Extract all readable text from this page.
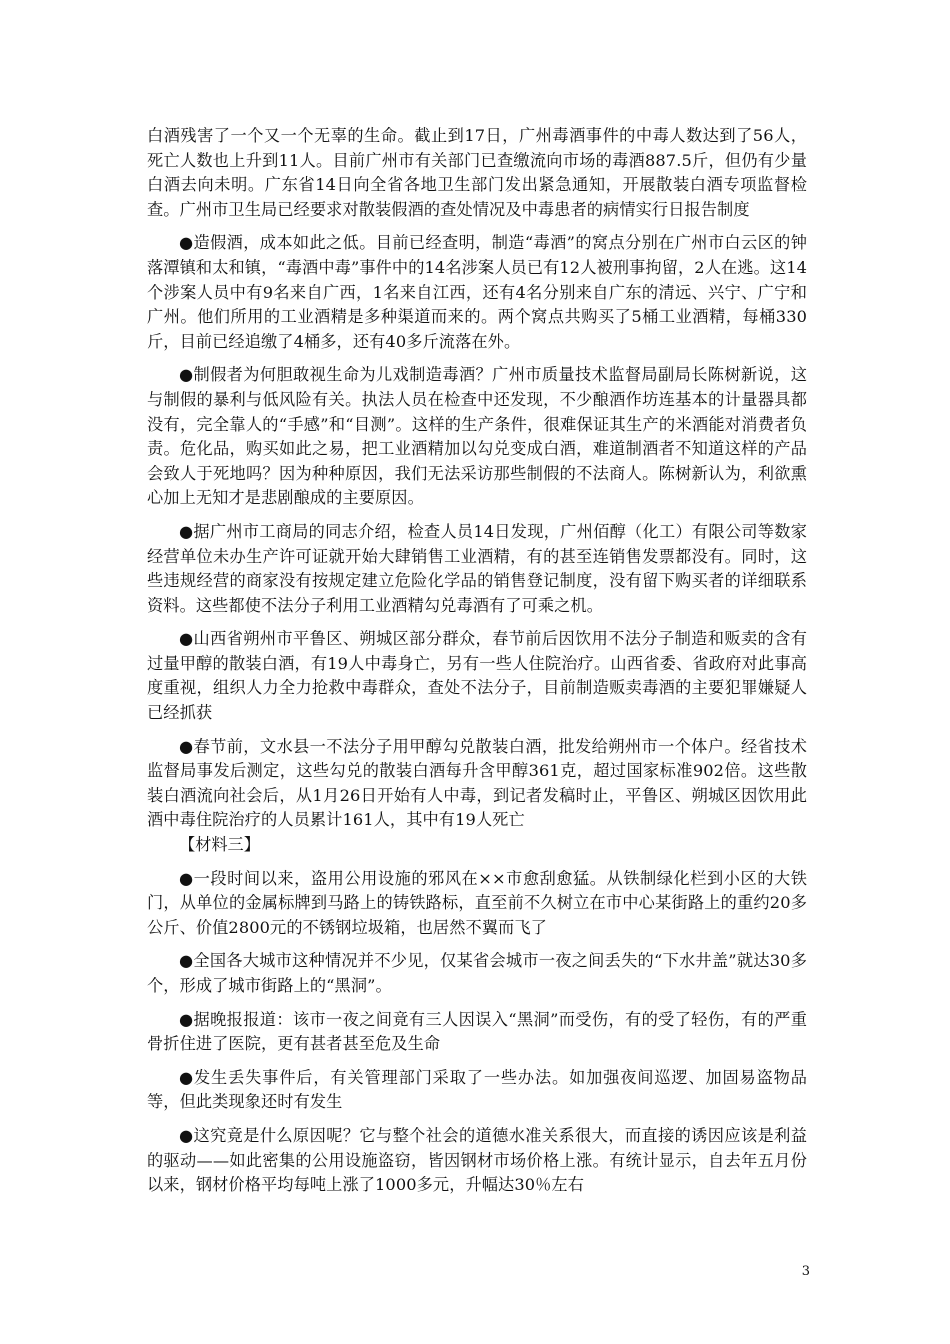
白酒残害了一个又一个无辜的生命。截止到17日，广州毒酒事件的中毒人数达到了56人，死亡人数也上升到11人。目前广州市有关部门已查缴流向市场的毒酒887.5斤，但仍有少量白酒去向未明。广东省14日向全省各地卫生部门发出紧急通知，开展散装白酒专项监督检查。广州市卫生局已经要求对散装假酒的查处情况及中毒患者的病情实行日报告制度

●造假酒，成本如此之低。目前已经查明，制造“毒酒”的窝点分别在广州市白云区的钟落潭镇和太和镇，“毒酒中毒”事件中的14名涉案人员已有12人被刑事拘留，2人在逃。这14个涉案人员中有9名来自广西，1名来自江西，还有4名分别来自广东的清远、兴宁、广宁和广州。他们所用的工业酒精是多种渠道而来的。两个窝点共购买了5桶工业酒精，每桶330斤，目前已经追缴了4桶多，还有40多斤流落在外。

●制假者为何胆敢视生命为儿戏制造毒酒？广州市质量技术监督局副局长陈树新说，这与制假的暴利与低风险有关。执法人员在检查中还发现，不少酿酒作坊连基本的计量器具都没有，完全靠人的“手感”和“目测”。这样的生产条件，很难保证其生产的米酒能对消费者负责。危化品，购买如此之易，把工业酒精加以勾兑变成白酒，难道制酒者不知道这样的产品会致人于死地吗？因为种种原因，我们无法采访那些制假的不法商人。陈树新认为，利欲熏心加上无知才是悲剧酿成的主要原因。

●据广州市工商局的同志介绍，检查人员14日发现，广州佰醇（化工）有限公司等数家经营单位未办生产许可证就开始大肆销售工业酒精，有的甚至连销售发票都没有。同时，这些违规经营的商家没有按规定建立危险化学品的销售登记制度，没有留下购买者的详细联系资料。这些都使不法分子利用工业酒精勾兑毒酒有了可乘之机。

●山西省朔州市平鲁区、朔城区部分群众，春节前后因饮用不法分子制造和贩卖的含有过量甲醇的散装白酒，有19人中毒身亡，另有一些人住院治疗。山西省委、省政府对此事高度重视，组织人力全力抢救中毒群众，查处不法分子，目前制造贩卖毒酒的主要犯罪嫌疑人已经抓获

●春节前，文水县一不法分子用甲醇勾兑散装白酒，批发给朔州市一个体户。经省技术监督局事发后测定，这些勾兑的散装白酒每升含甲醇361克，超过国家标准902倍。这些散装白酒流向社会后，从1月26日开始有人中毒，到记者发稿时止，平鲁区、朔城区因饮用此酒中毒住院治疗的人员累计161人，其中有19人死亡

【材料三】

●一段时间以来，盗用公用设施的邪风在××市愈刮愈猛。从铁制绿化栏到小区的大铁门，从单位的金属标牌到马路上的铸铁路标，直至前不久树立在市中心某街路上的重约20多公斤、价值2800元的不锈钢垃圾箱，也居然不翼而飞了

●全国各大城市这种情况并不少见，仅某省会城市一夜之间丢失的“下水井盖”就达30多个，形成了城市街路上的“黑洞”。

●据晚报报道：该市一夜之间竟有三人因误入“黑洞”而受伤，有的受了轻伤，有的严重骨折住进了医院，更有甚者甚至危及生命

●发生丢失事件后，有关管理部门采取了一些办法。如加强夜间巡逻、加固易盗物品等，但此类现象还时有发生

●这究竟是什么原因呢？它与整个社会的道德水准关系很大，而直接的诱因应该是利益的驱动——如此密集的公用设施盗窃，皆因钢材市场价格上涨。有统计显示，自去年五月份以来，钢材价格平均每吨上涨了1000多元，升幅达30％左右

3
